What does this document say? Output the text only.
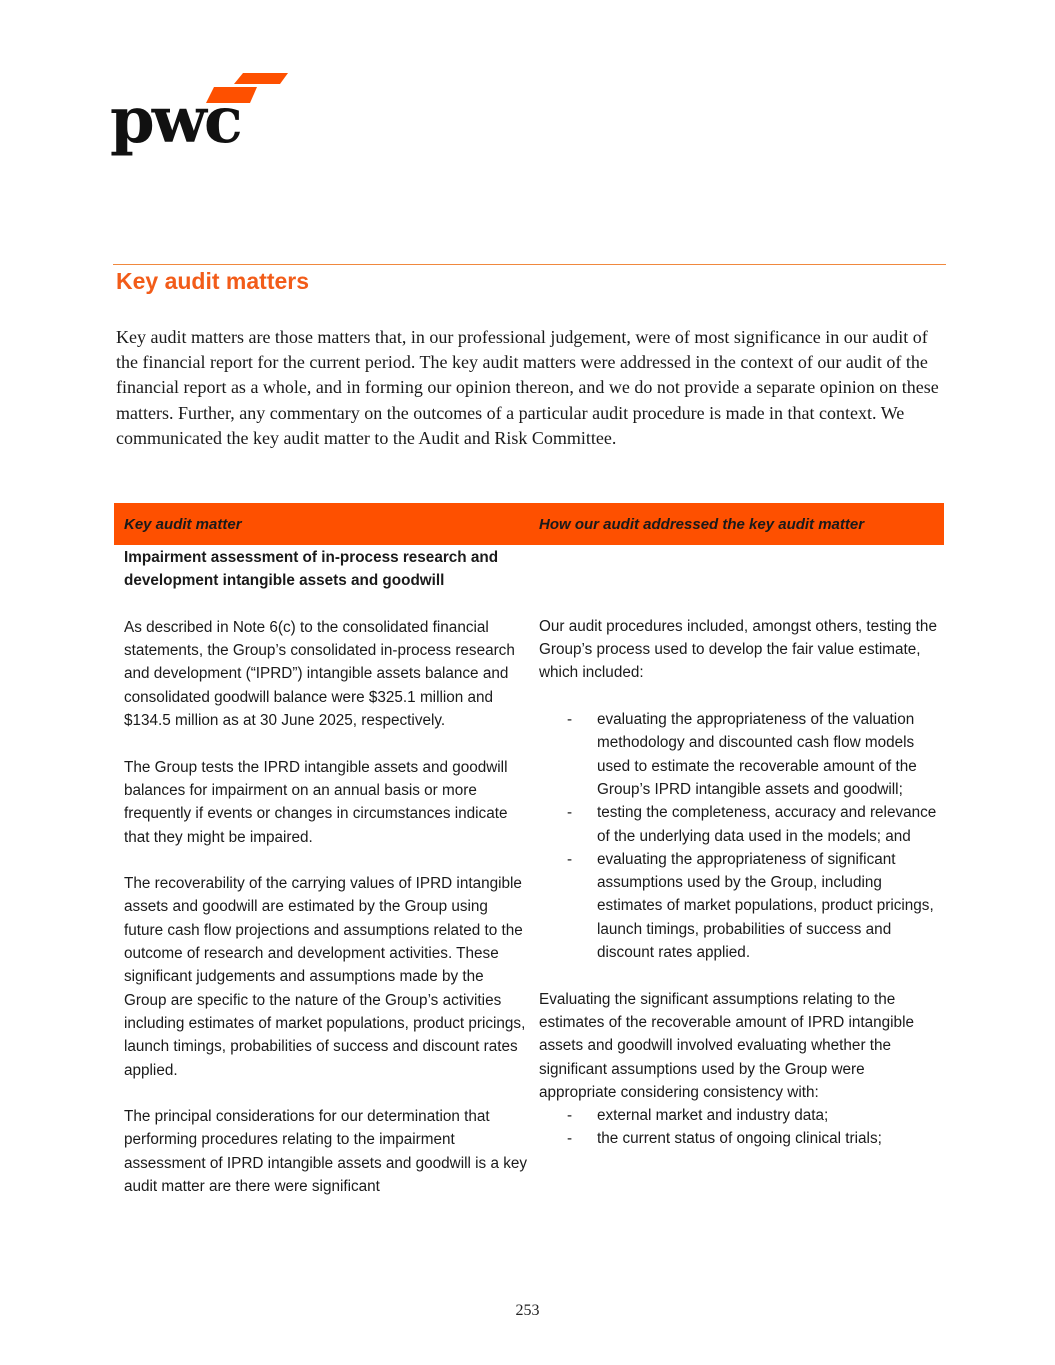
pwc
Key audit matters

Key audit matters are those matters that, in our professional judgement, were of most significance in our audit of the financial report for the current period. The key audit matters were addressed in the context of our audit of the financial report as a whole, and in forming our opinion thereon, and we do not provide a separate opinion on these matters. Further, any commentary on the outcomes of a particular audit procedure is made in that context. We communicated the key audit matter to the Audit and Risk Committee.

Key audit matter	How our audit addressed the key audit matter

Impairment assessment of in-process research and development intangible assets and goodwill

As described in Note 6(c) to the consolidated financial statements, the Group’s consolidated in-process research and development (“IPRD”) intangible assets balance and consolidated goodwill balance were $325.1 million and $134.5 million as at 30 June 2025, respectively.

The Group tests the IPRD intangible assets and goodwill balances for impairment on an annual basis or more frequently if events or changes in circumstances indicate that they might be impaired.

The recoverability of the carrying values of IPRD intangible assets and goodwill are estimated by the Group using future cash flow projections and assumptions related to the outcome of research and development activities. These significant judgements and assumptions made by the Group are specific to the nature of the Group’s activities including estimates of market populations, product pricings, launch timings, probabilities of success and discount rates applied.

The principal considerations for our determination that performing procedures relating to the impairment assessment of IPRD intangible assets and goodwill is a key audit matter are there were significant

Our audit procedures included, amongst others, testing the Group’s process used to develop the fair value estimate, which included:

- evaluating the appropriateness of the valuation methodology and discounted cash flow models used to estimate the recoverable amount of the Group’s IPRD intangible assets and goodwill;
- testing the completeness, accuracy and relevance of the underlying data used in the models; and
- evaluating the appropriateness of significant assumptions used by the Group, including estimates of market populations, product pricings, launch timings, probabilities of success and discount rates applied.

Evaluating the significant assumptions relating to the estimates of the recoverable amount of IPRD intangible assets and goodwill involved evaluating whether the significant assumptions used by the Group were appropriate considering consistency with:

- external market and industry data;
- the current status of ongoing clinical trials;
253
